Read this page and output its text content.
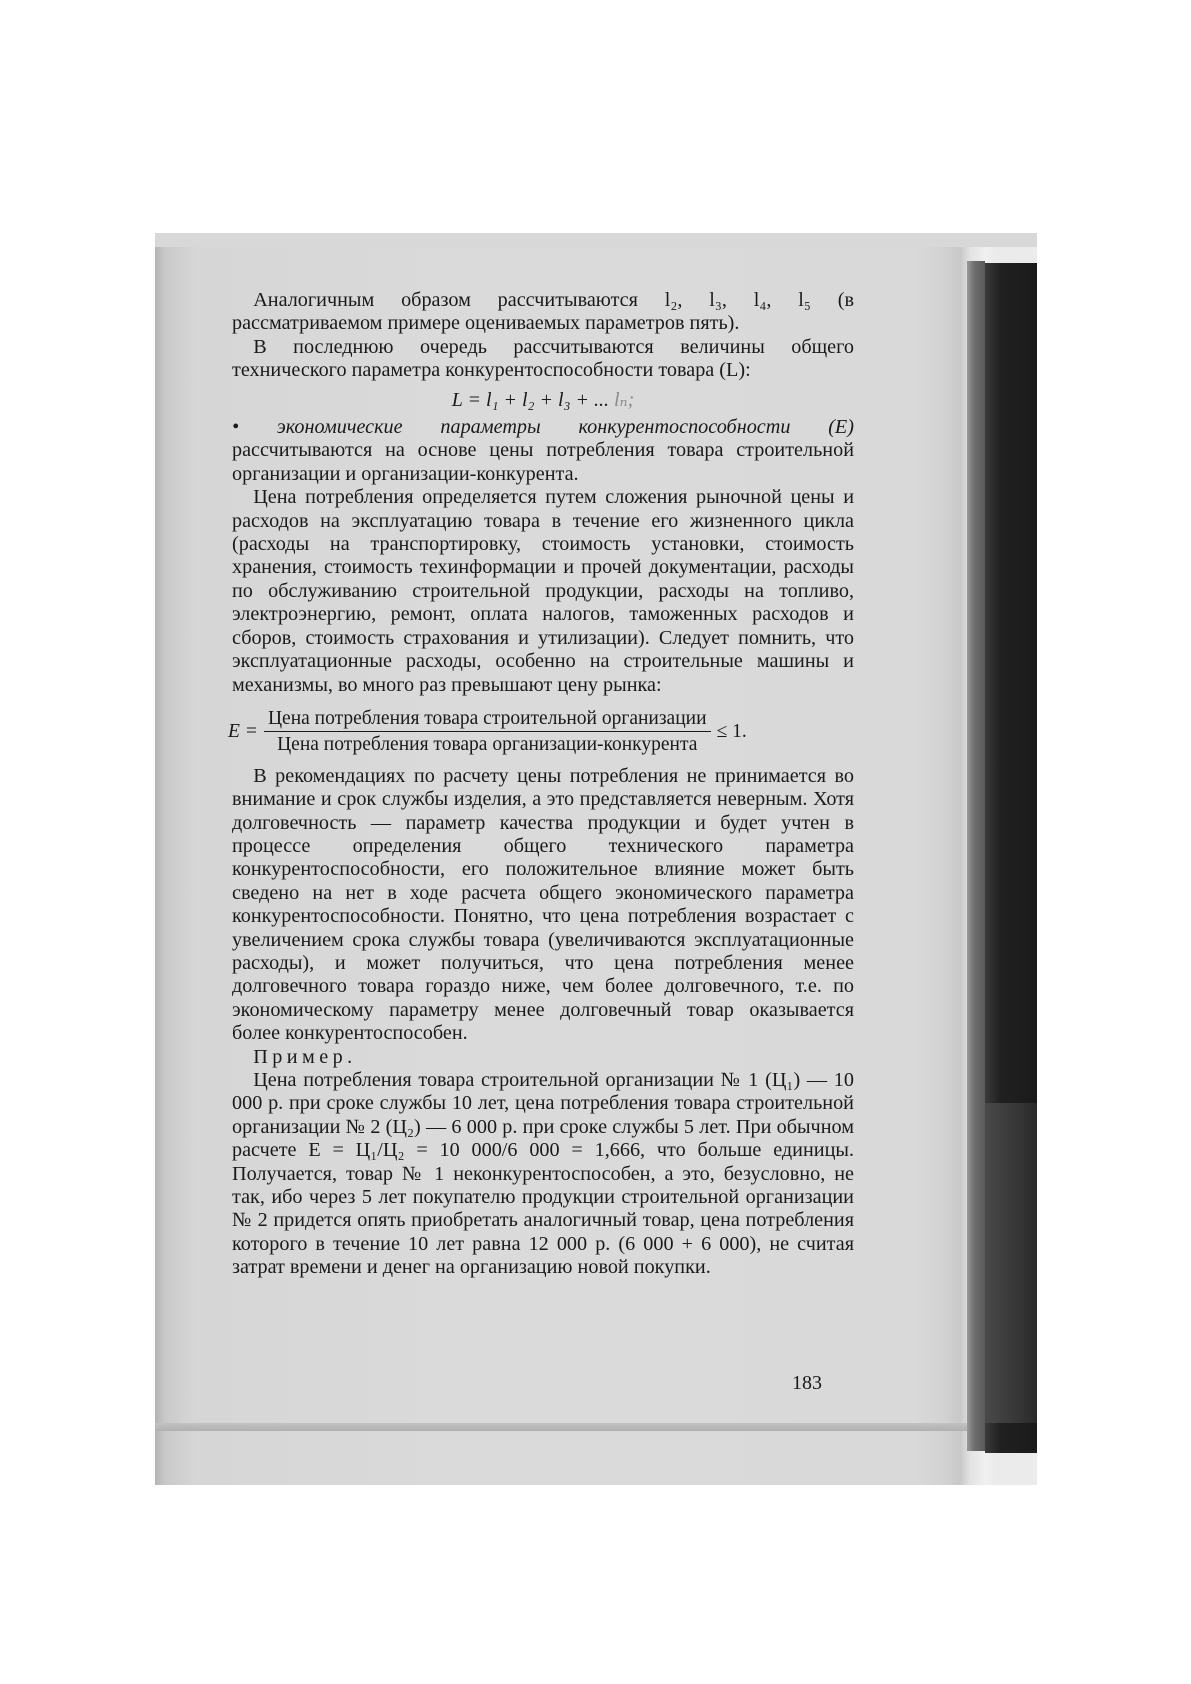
Аналогичным образом рассчитываются l₂, l₃, l₄, l₅ (в рассматриваемом примере оцениваемых параметров пять).

В последнюю очередь рассчитываются величины общего технического параметра конкурентоспособности товара (L):

L = l₁ + l₂ + l₃ + ... lₙ;

• экономические параметры конкурентоспособности (E) рассчитываются на основе цены потребления товара строительной организации и организации-конкурента.

Цена потребления определяется путем сложения рыночной цены и расходов на эксплуатацию товара в течение его жизненного цикла (расходы на транспортировку, стоимость установки, стоимость хранения, стоимость техинформации и прочей документации, расходы по обслуживанию строительной продукции, расходы на топливо, электроэнергию, ремонт, оплата налогов, таможенных расходов и сборов, стоимость страхования и утилизации). Следует помнить, что эксплуатационные расходы, особенно на строительные машины и механизмы, во много раз превышают цену рынка:

$E = \frac{\text{Цена потребления товара строительной организации}}{\text{Цена потребления товара организации-конкурента}} \le 1$.

В рекомендациях по расчету цены потребления не принимается во внимание и срок службы изделия, а это представляется неверным. Хотя долговечность — параметр качества продукции и будет учтен в процессе определения общего технического параметра конкурентоспособности, его положительное влияние может быть сведено на нет в ходе расчета общего экономического параметра конкурентоспособности. Понятно, что цена потребления возрастает с увеличением срока службы товара (увеличиваются эксплуатационные расходы), и может получиться, что цена потребления менее долговечного товара гораздо ниже, чем более долговечного, т.е. по экономическому параметру менее долговечный товар оказывается более конкурентоспособен.

Пример.

Цена потребления товара строительной организации № 1 (Ц₁) — 10 000 р. при сроке службы 10 лет, цена потребления товара строительной организации № 2 (Ц₂) — 6 000 р. при сроке службы 5 лет. При обычном расчете Е = Ц₁/Ц₂ = 10 000/6 000 = 1,666, что больше единицы. Получается, товар № 1 неконкурентоспособен, а это, безусловно, не так, ибо через 5 лет покупателю продукции строительной организации № 2 придется опять приобретать аналогичный товар, цена потребления которого в течение 10 лет равна 12 000 р. (6 000 + 6 000), не считая затрат времени и денег на организацию новой покупки.

183
